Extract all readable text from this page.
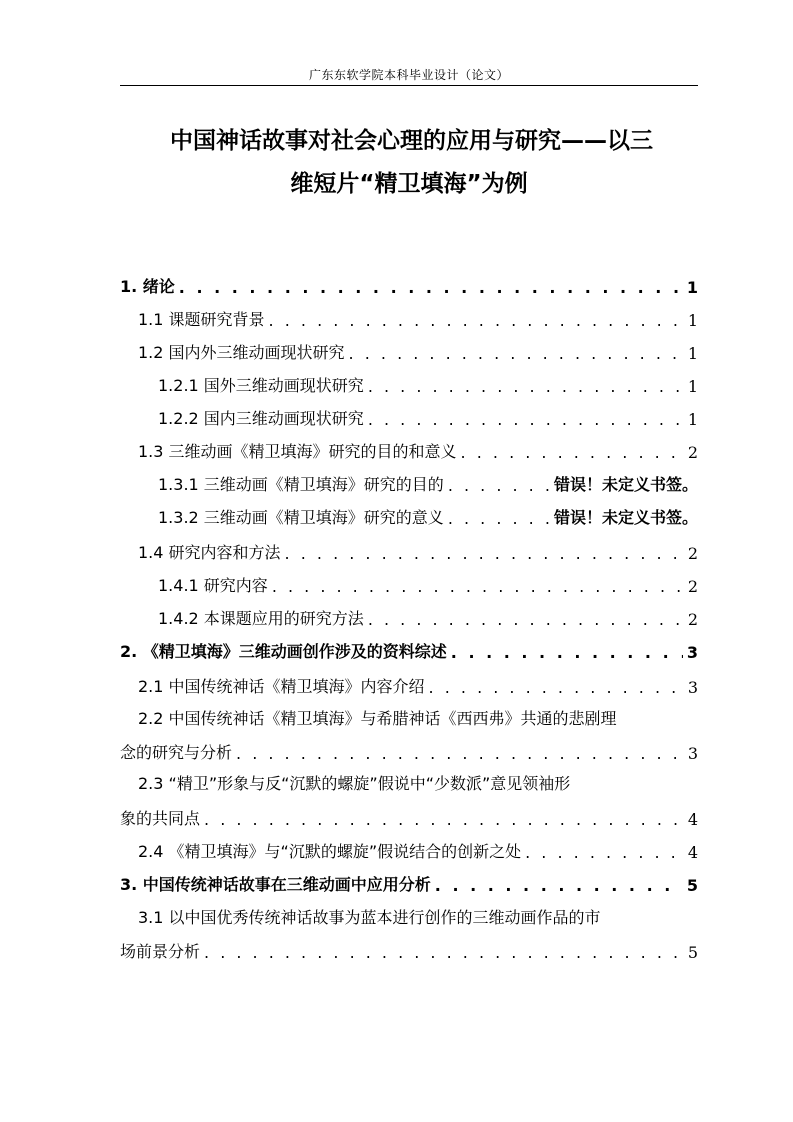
广东东软学院本科毕业设计（论文）
中国神话故事对社会心理的应用与研究——以三
维短片“精卫填海”为例
1. 绪论 . . .	1
1.1 课题研究背景 . . .	1
1.2 国内外三维动画现状研究 . . .	1
1.2.1 国外三维动画现状研究 . . .	1
1.2.2 国内三维动画现状研究 . . .	1
1.3 三维动画《精卫填海》研究的目的和意义 . . .	2
1.3.1 三维动画《精卫填海》研究的目的 . . .	错误！未定义书签。
1.3.2 三维动画《精卫填海》研究的意义 . . .	错误！未定义书签。
1.4 研究内容和方法 . . .	2
1.4.1 研究内容 . . .	2
1.4.2 本课题应用的研究方法 . . .	2
2. 《精卫填海》三维动画创作涉及的资料综述 . . .	3
2.1 中国传统神话《精卫填海》内容介绍 . . .	3
2.2 中国传统神话《精卫填海》与希腊神话《西西弗》共通的悲剧理
念的研究与分析 . . .	3
2.3 “精卫”形象与反“沉默的螺旋”假说中“少数派”意见领袖形
象的共同点 . . .	4
2.4 《精卫填海》与“沉默的螺旋”假说结合的创新之处 . . .	4
3. 中国传统神话故事在三维动画中应用分析 . . .	5
3.1 以中国优秀传统神话故事为蓝本进行创作的三维动画作品的市
场前景分析 . . .	5
